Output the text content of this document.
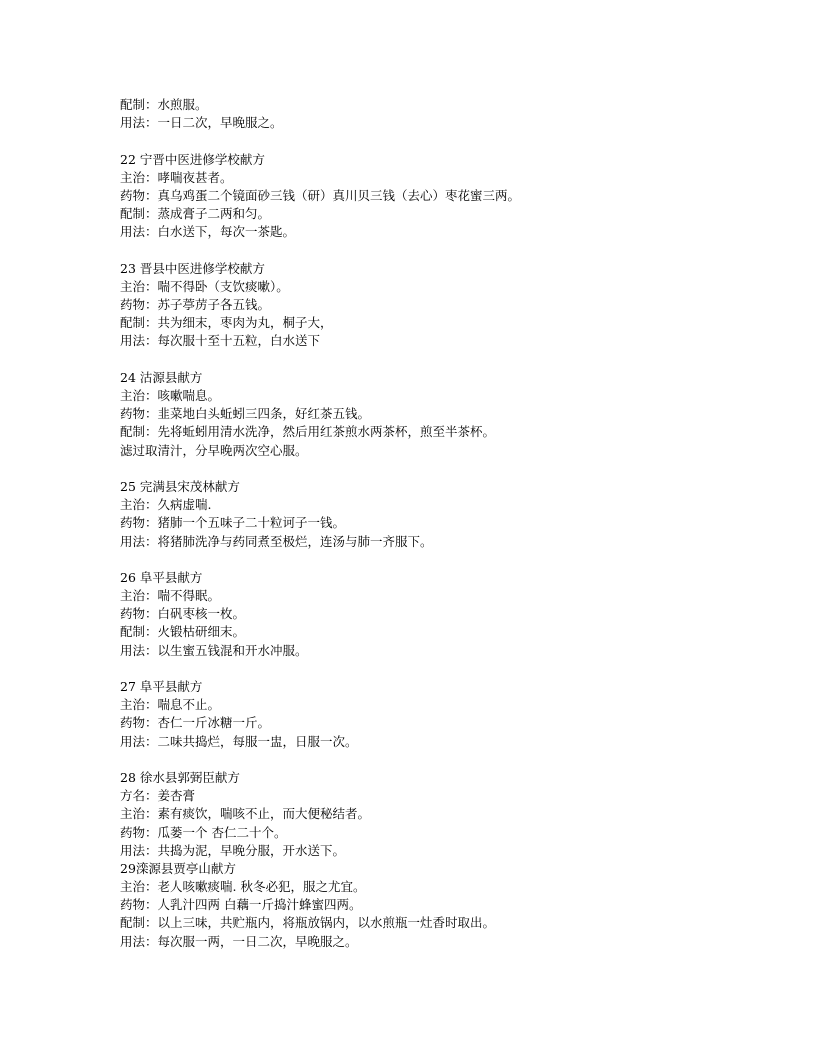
配制：水煎服。
用法：一日二次，早晚服之。
22 宁晋中医进修学校献方
主治：哮喘夜甚者。
药物：真乌鸡蛋二个镜面砂三钱（研）真川贝三钱（去心）枣花蜜三两。
配制：蒸成膏子二两和匀。
用法：白水送下，每次一茶匙。
23 晋县中医进修学校献方
主治：喘不得卧（支饮痰嗽）。
药物：苏子葶苈子各五钱。
配制：共为细末，枣肉为丸，桐子大，
用法：每次服十至十五粒，白水送下
24 沽源县献方
主治：咳嗽喘息。
药物：韭菜地白头蚯蚓三四条，好红茶五钱。
配制：先将蚯蚓用清水洗净，然后用红茶煎水两茶杯，煎至半茶杯。
滤过取清汁，分早晚两次空心服。
25 完满县宋茂林献方
主治：久病虚喘.
药物：猪肺一个五味子二十粒诃子一钱。
用法：将猪肺洗净与药同煮至极烂，连汤与肺一齐服下。
26 阜平县献方
主治：喘不得眠。
药物：白矾枣核一枚。
配制：火锻枯研细末。
用法：以生蜜五钱混和开水冲服。
27 阜平县献方
主治：喘息不止。
药物：杏仁一斤冰糖一斤。
用法：二味共捣烂，每服一盅，日服一次。
28 徐水县郭弼臣献方
方名：姜杏膏
主治：素有痰饮，喘咳不止，而大便秘结者。
药物：瓜蒌一个 杏仁二十个。
用法：共捣为泥，早晚分服，开水送下。
29滦源县贾亭山献方
主治：老人咳嗽痰喘. 秋冬必犯，服之尤宜。
药物：人乳汁四两 白藕一斤捣汁蜂蜜四两。
配制：以上三味，共贮瓶内，将瓶放锅内，以水煎瓶一灶香时取出。
用法：每次服一两，一日二次，早晚服之。
